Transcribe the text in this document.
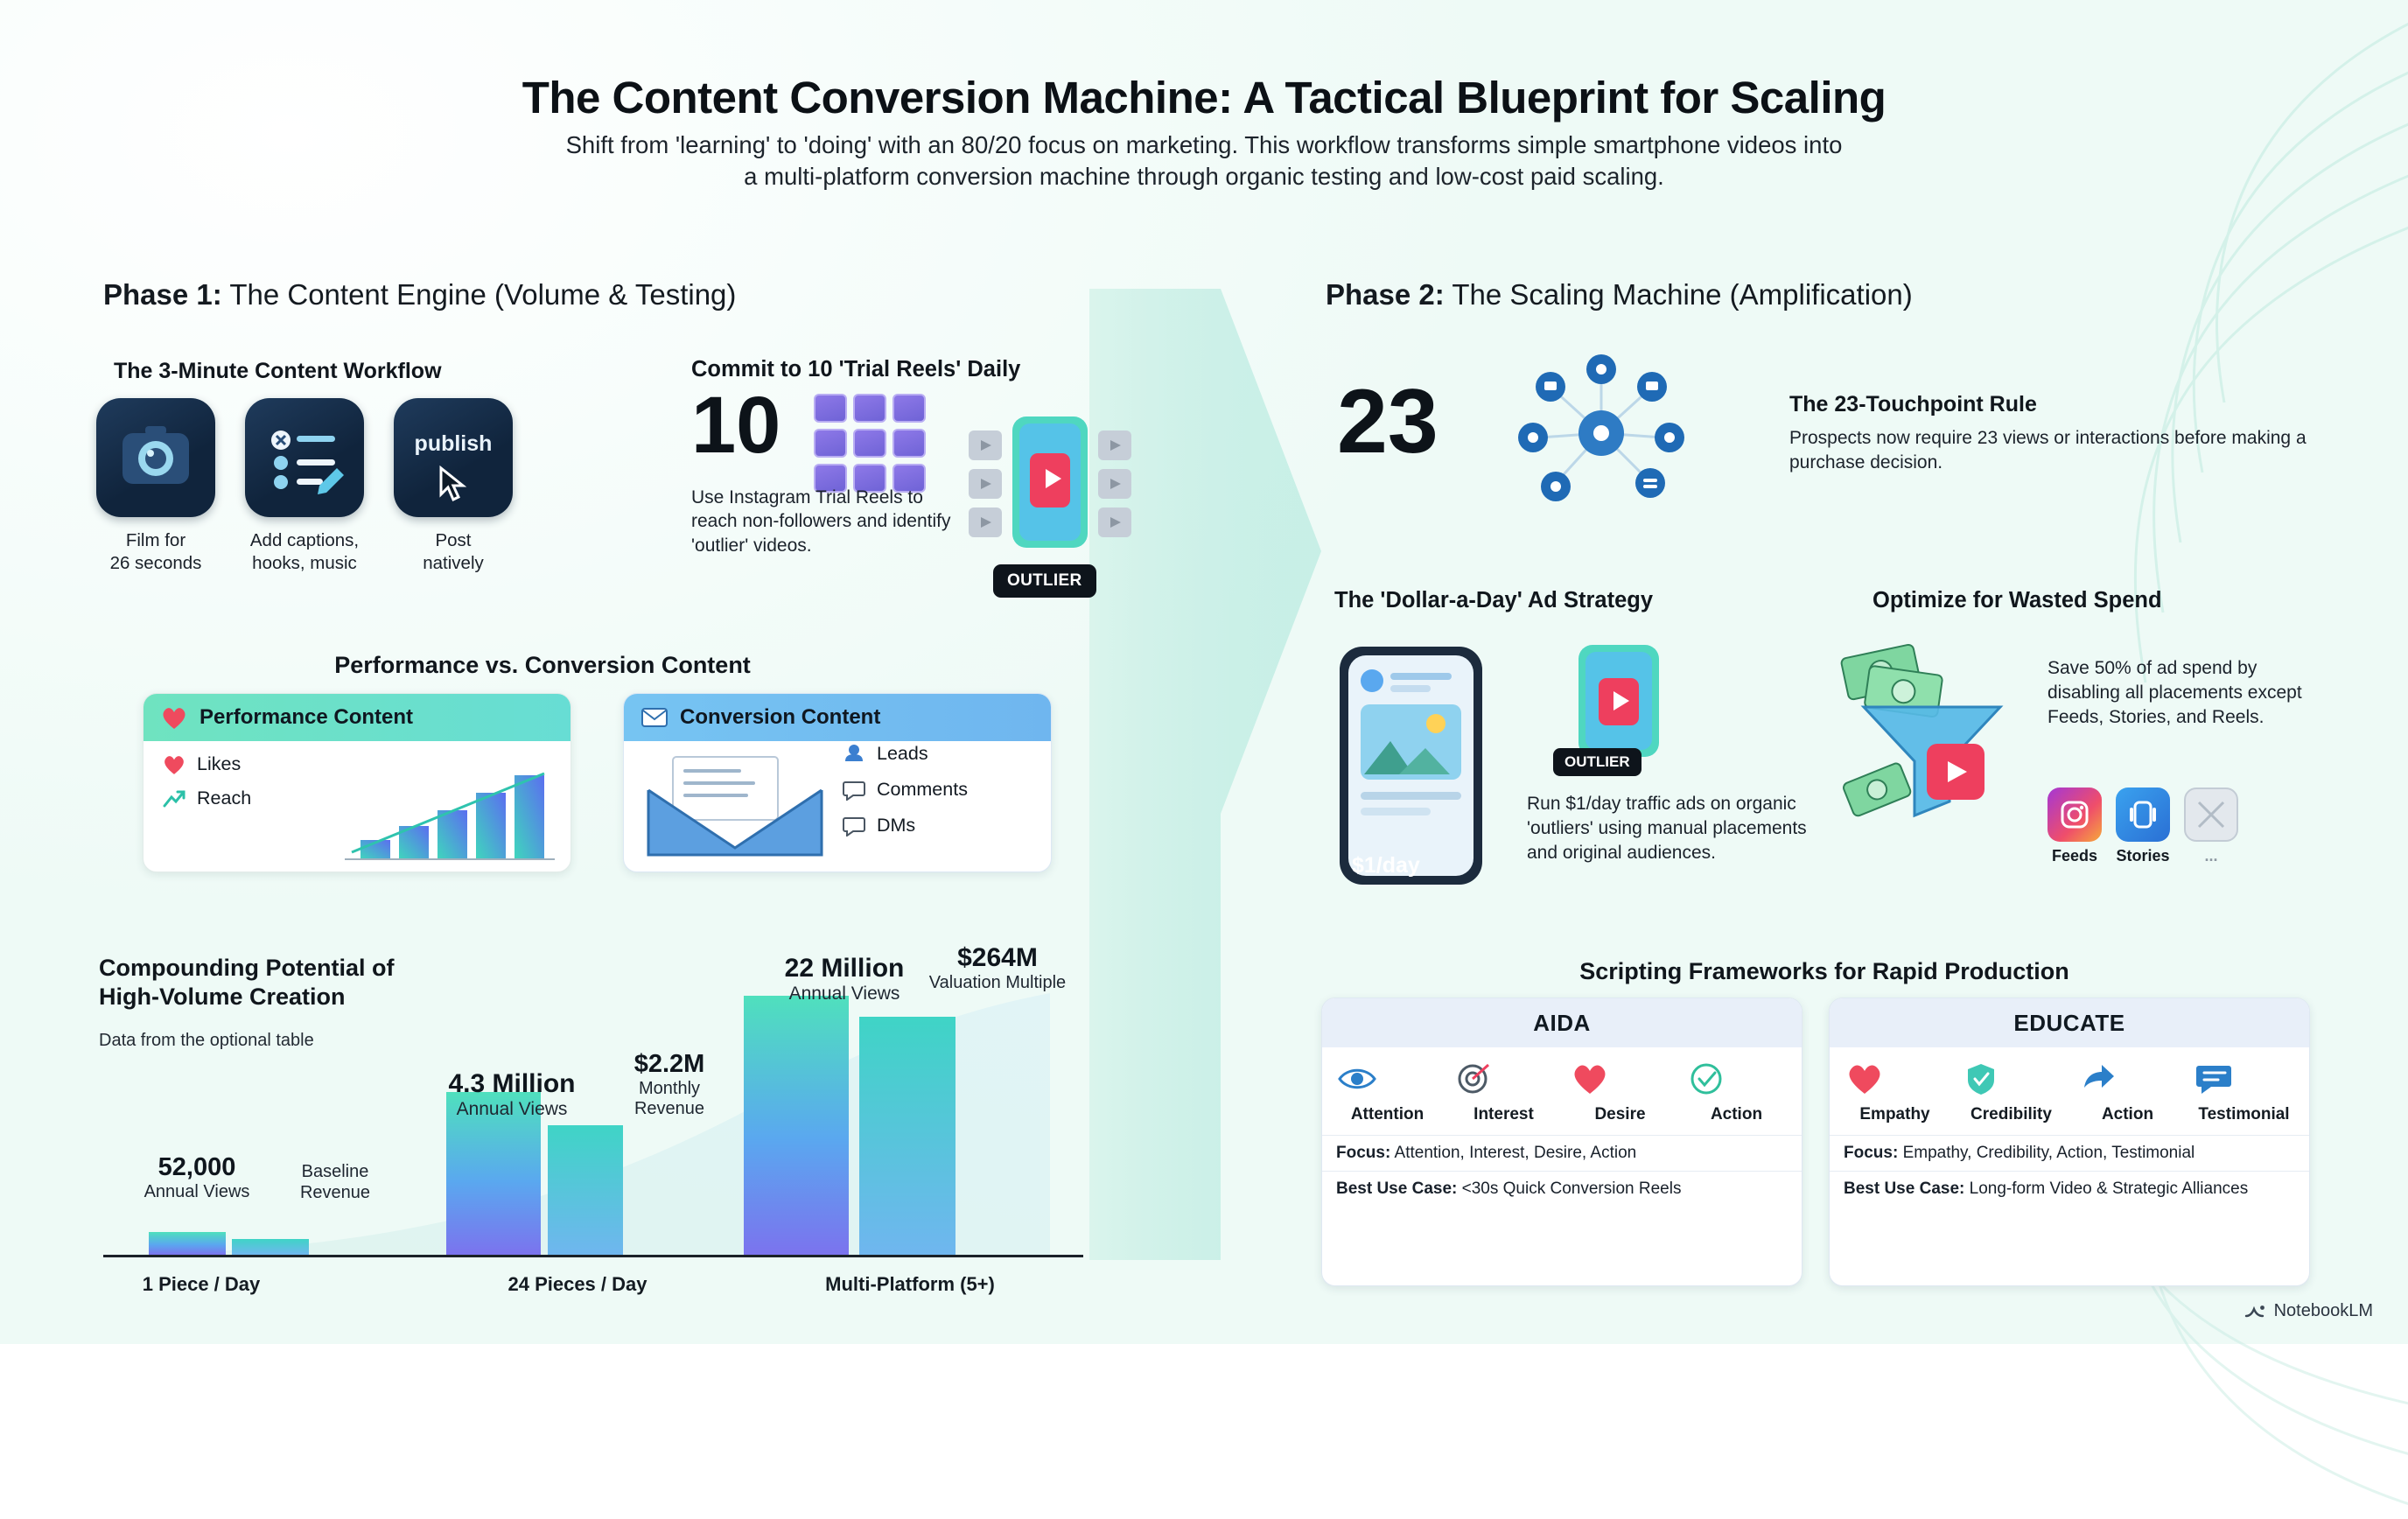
The Content Conversion Machine: A Tactical Blueprint for Scaling
Shift from 'learning' to 'doing' with an 80/20 focus on marketing. This workflow transforms simple smartphone videos into
a multi-platform conversion machine through organic testing and low-cost paid scaling.
Phase 1: The Content Engine (Volume & Testing)	Phase 2: The Scaling Machine (Amplification)
The 3-Minute Content Workflow
Film for
26 seconds
Add captions,
hooks, music
publish
Post
natively
Commit to 10 'Trial Reels' Daily
10
Use Instagram Trial Reels to reach non-followers and identify 'outlier' videos.
OUTLIER
Performance vs. Conversion Content
Performance Content
Likes
Reach
Conversion Content
Leads
Comments
DMs
Compounding Potential of
High-Volume Creation
Data from the optional table
52,000
Annual Views
Baseline
Revenue
4.3 Million
Annual Views
$2.2M
Monthly Revenue
22 Million
Annual Views
$264M
Valuation Multiple
1 Piece / Day	24 Pieces / Day	Multi-Platform (5+)
23	The 23-Touchpoint Rule
Prospects now require 23 views or interactions before making a purchase decision.
The 'Dollar-a-Day' Ad Strategy
$1/day
OUTLIER
Run $1/day traffic ads on organic 'outliers' using manual placements and original audiences.
Optimize for Wasted Spend
Save 50% of ad spend by disabling all placements except Feeds, Stories, and Reels.
Feeds Stories	...
Scripting Frameworks for Rapid Production
AIDA
Attention	Interest	Desire	Action
Focus: Attention, Interest, Desire, Action
Best Use Case: <30s Quick Conversion Reels
EDUCATE
Empathy	Credibility	Action	Testimonial
Focus: Empathy, Credibility, Action, Testimonial
Best Use Case: Long-form Video & Strategic Alliances
NotebookLM
